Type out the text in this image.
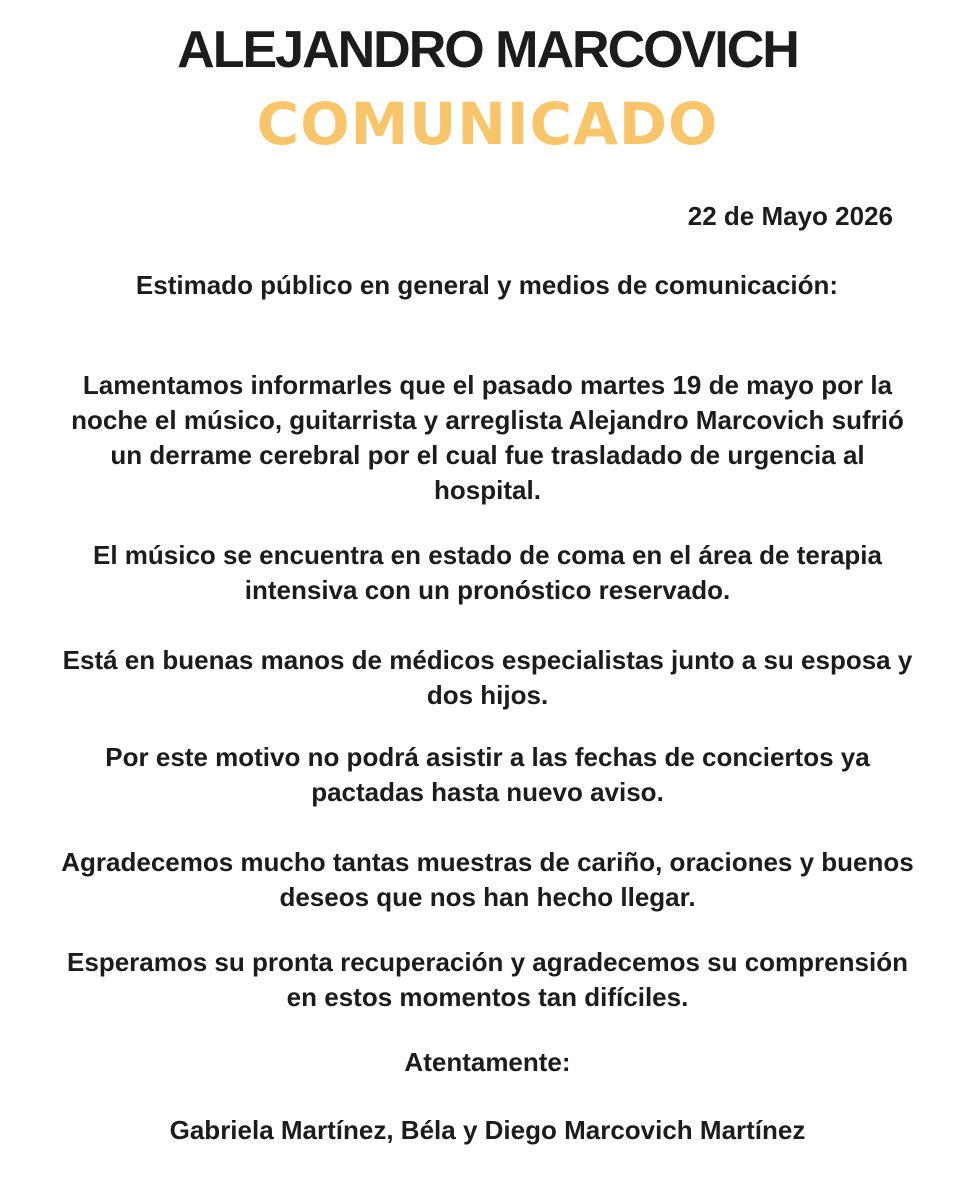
ALEJANDRO MARCOVICH
COMUNICADO
22 de Mayo 2026

Estimado público en general y medios de comunicación:

Lamentamos informarles que el pasado martes 19 de mayo por la noche el músico, guitarrista y arreglista Alejandro Marcovich sufrió un derrame cerebral por el cual fue trasladado de urgencia al hospital.

El músico se encuentra en estado de coma en el área de terapia intensiva con un pronóstico reservado.

Está en buenas manos de médicos especialistas junto a su esposa y dos hijos.

Por este motivo no podrá asistir a las fechas de conciertos ya pactadas hasta nuevo aviso.

Agradecemos mucho tantas muestras de cariño, oraciones y buenos deseos que nos han hecho llegar.

Esperamos su pronta recuperación y agradecemos su comprensión en estos momentos tan difíciles.

Atentamente:

Gabriela Martínez, Béla y Diego Marcovich Martínez
